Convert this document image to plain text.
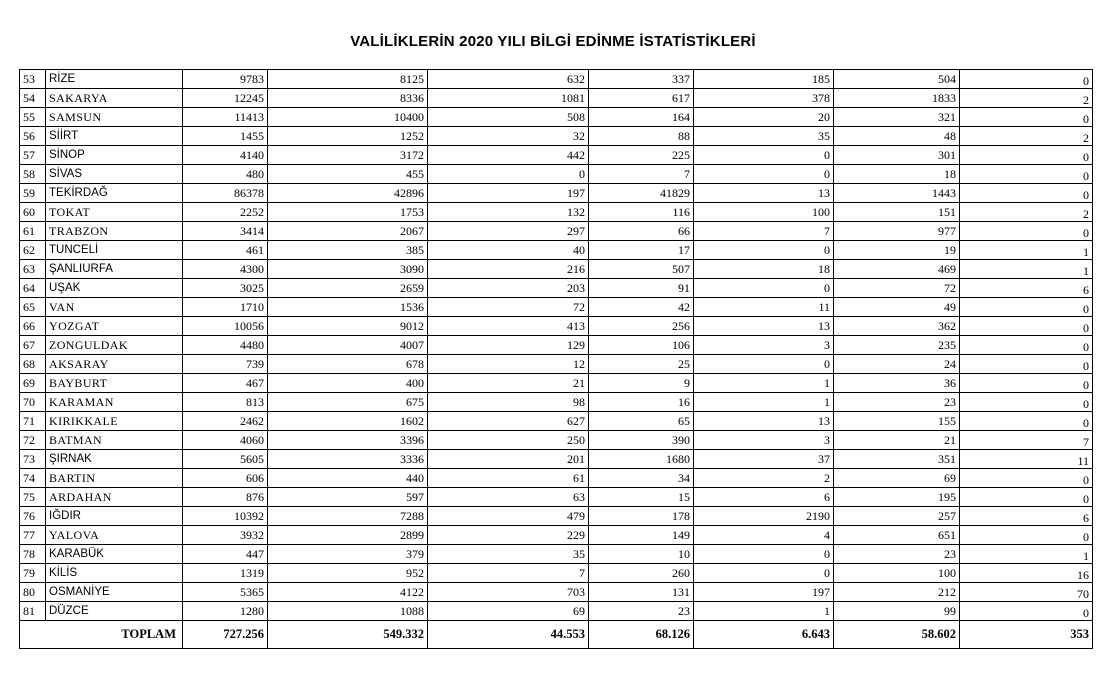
VALİLİKLERİN 2020 YILI BİLGİ EDİNME İSTATİSTİKLERİ
53	RİZE	9783	8125	632	337	185	504	0
54	SAKARYA	12245	8336	1081	617	378	1833	2
55	SAMSUN	11413	10400	508	164	20	321	0
56	SİİRT	1455	1252	32	88	35	48	2
57	SİNOP	4140	3172	442	225	0	301	0
58	SİVAS	480	455	0	7	0	18	0
59	TEKİRDAĞ	86378	42896	197	41829	13	1443	0
60	TOKAT	2252	1753	132	116	100	151	2
61	TRABZON	3414	2067	297	66	7	977	0
62	TUNCELİ	461	385	40	17	0	19	1
63	ŞANLIURFA	4300	3090	216	507	18	469	1
64	UŞAK	3025	2659	203	91	0	72	6
65	VAN	1710	1536	72	42	11	49	0
66	YOZGAT	10056	9012	413	256	13	362	0
67	ZONGULDAK	4480	4007	129	106	3	235	0
68	AKSARAY	739	678	12	25	0	24	0
69	BAYBURT	467	400	21	9	1	36	0
70	KARAMAN	813	675	98	16	1	23	0
71	KIRIKKALE	2462	1602	627	65	13	155	0
72	BATMAN	4060	3396	250	390	3	21	7
73	ŞIRNAK	5605	3336	201	1680	37	351	11
74	BARTIN	606	440	61	34	2	69	0
75	ARDAHAN	876	597	63	15	6	195	0
76	IĞDIR	10392	7288	479	178	2190	257	6
77	YALOVA	3932	2899	229	149	4	651	0
78	KARABÜK	447	379	35	10	0	23	1
79	KİLİS	1319	952	7	260	0	100	16
80	OSMANİYE	5365	4122	703	131	197	212	70
81	DÜZCE	1280	1088	69	23	1	99	0
TOPLAM		727.256	549.332	44.553	68.126	6.643	58.602	353
